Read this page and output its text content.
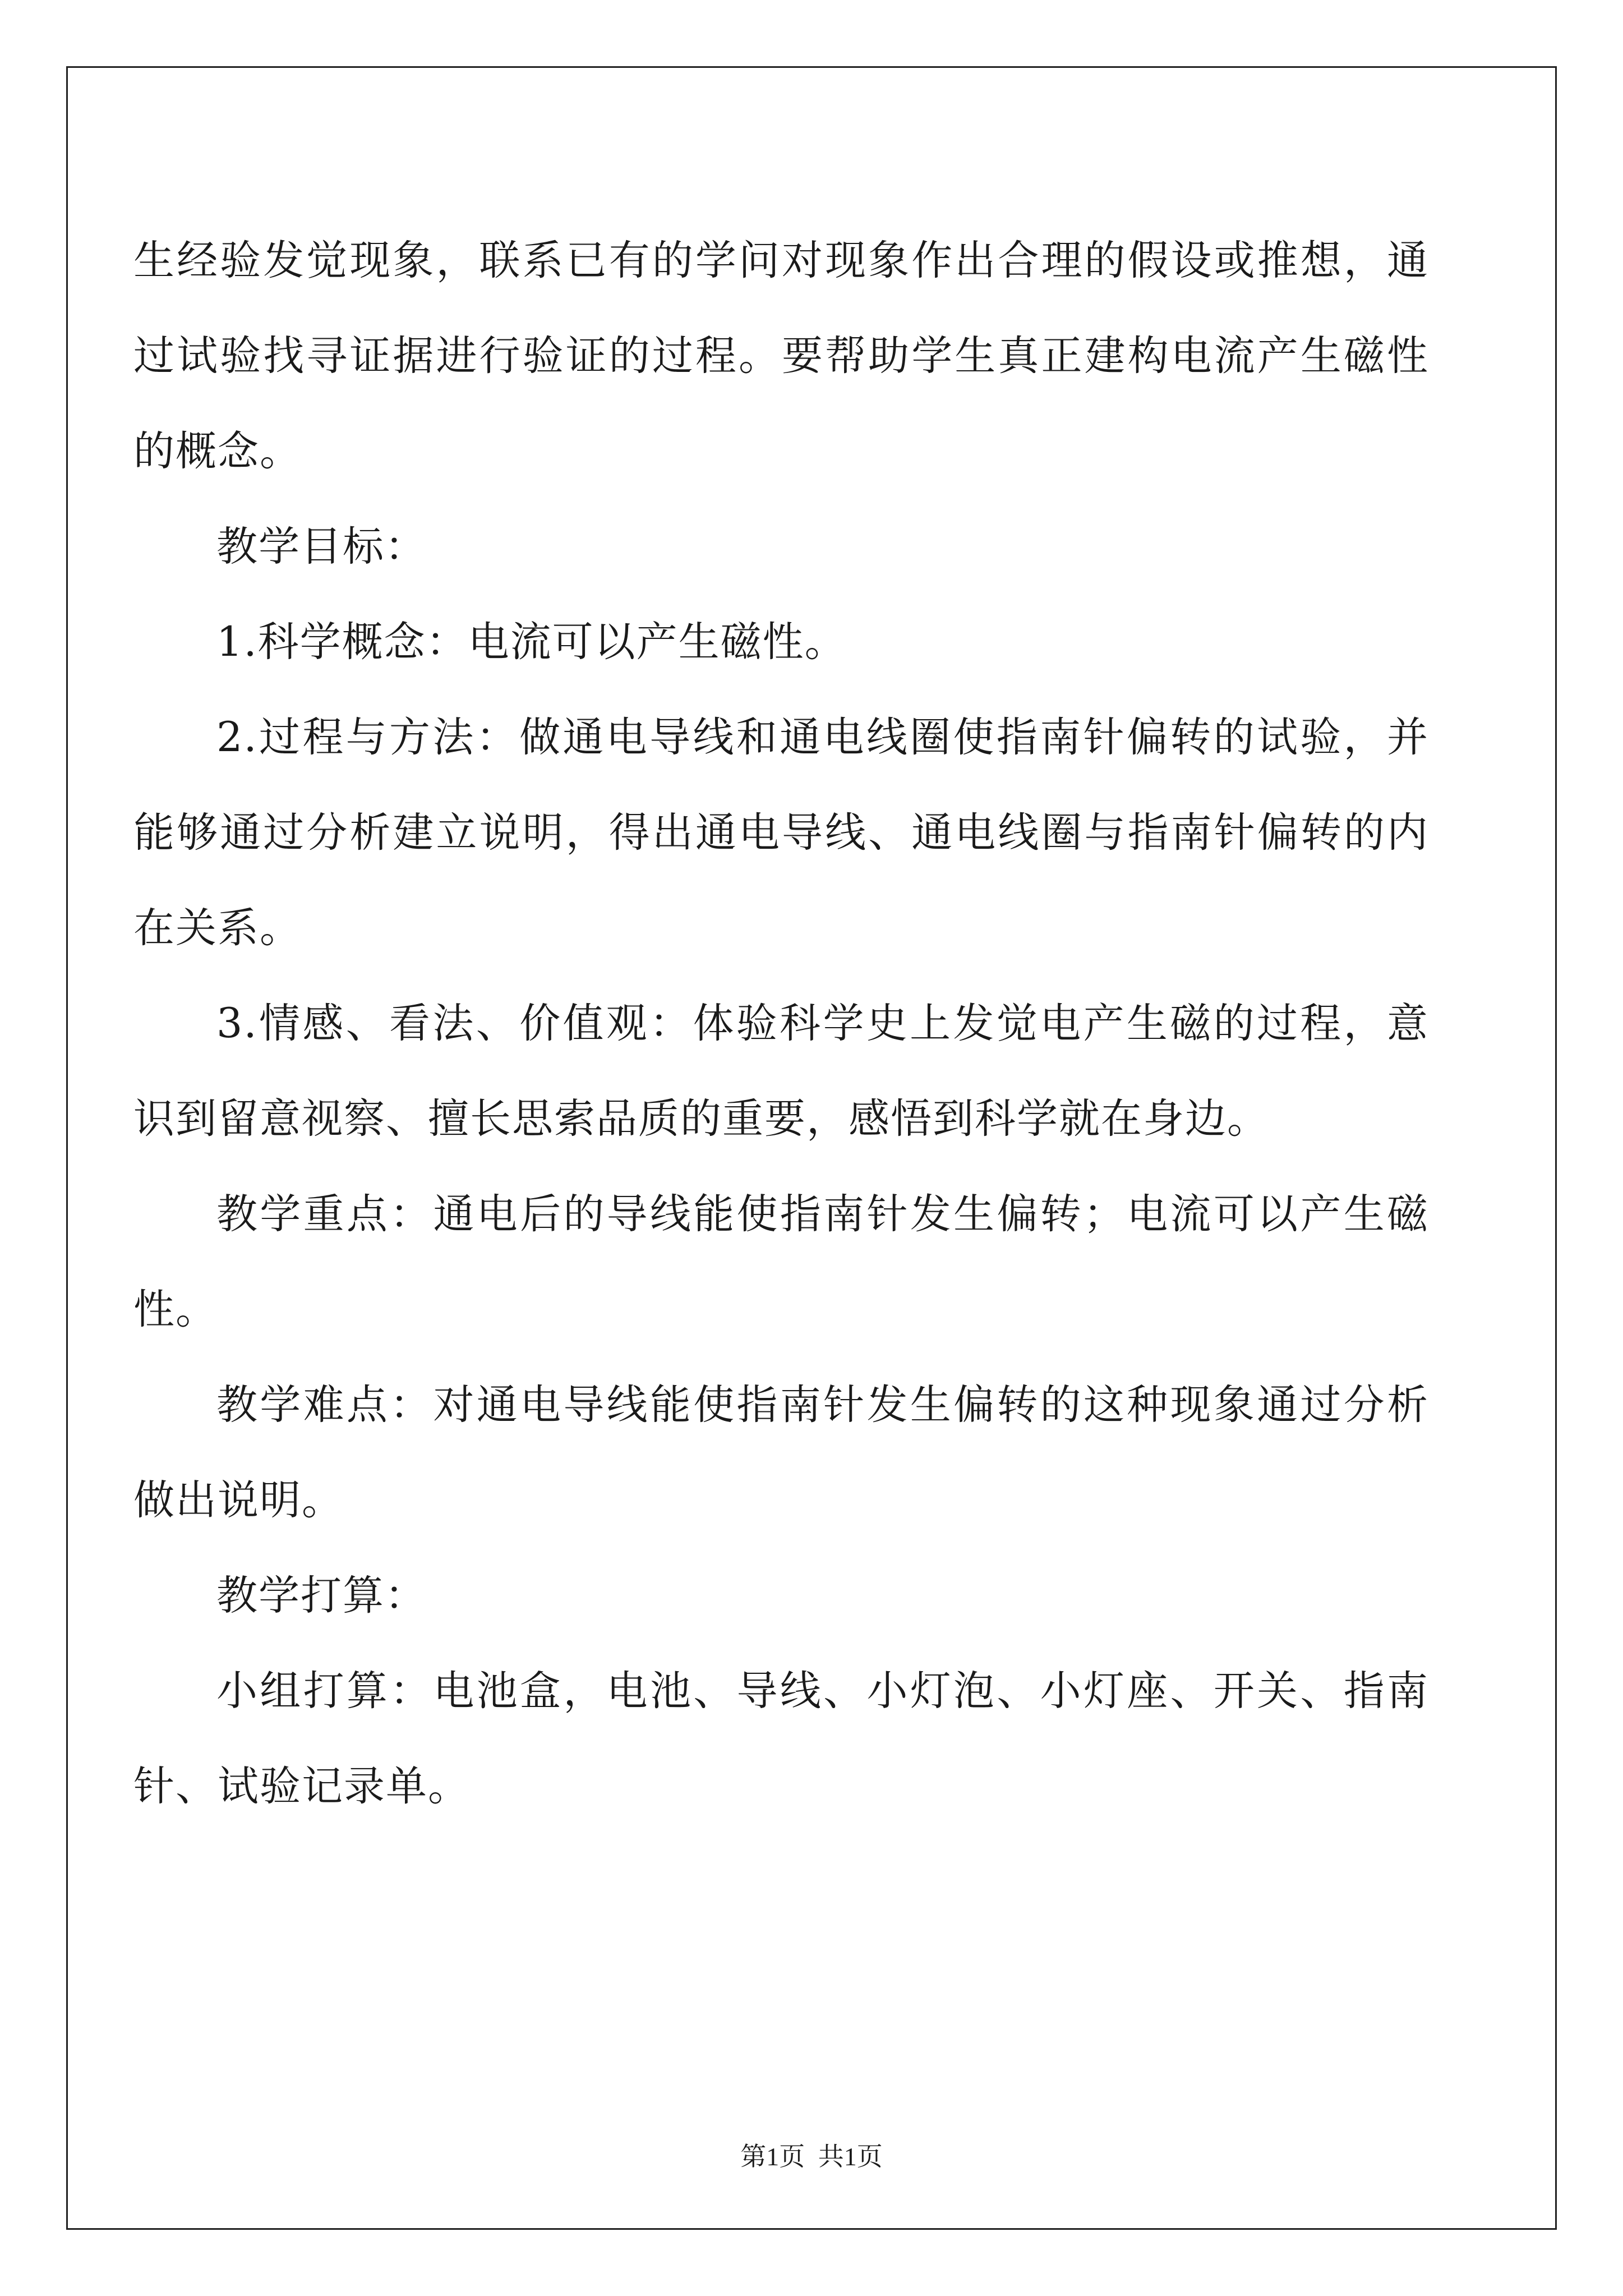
生经验发觉现象，联系已有的学问对现象作出合理的假设或推想，通过试验找寻证据进行验证的过程。要帮助学生真正建构电流产生磁性的概念。

教学目标：

1.科学概念：电流可以产生磁性。

2.过程与方法：做通电导线和通电线圈使指南针偏转的试验，并能够通过分析建立说明，得出通电导线、通电线圈与指南针偏转的内在关系。

3.情感、看法、价值观：体验科学史上发觉电产生磁的过程，意识到留意视察、擅长思索品质的重要，感悟到科学就在身边。

教学重点：通电后的导线能使指南针发生偏转；电流可以产生磁性。

教学难点：对通电导线能使指南针发生偏转的这种现象通过分析做出说明。

教学打算：

小组打算：电池盒，电池、导线、小灯泡、小灯座、开关、指南针、试验记录单。

第1页 共1页
